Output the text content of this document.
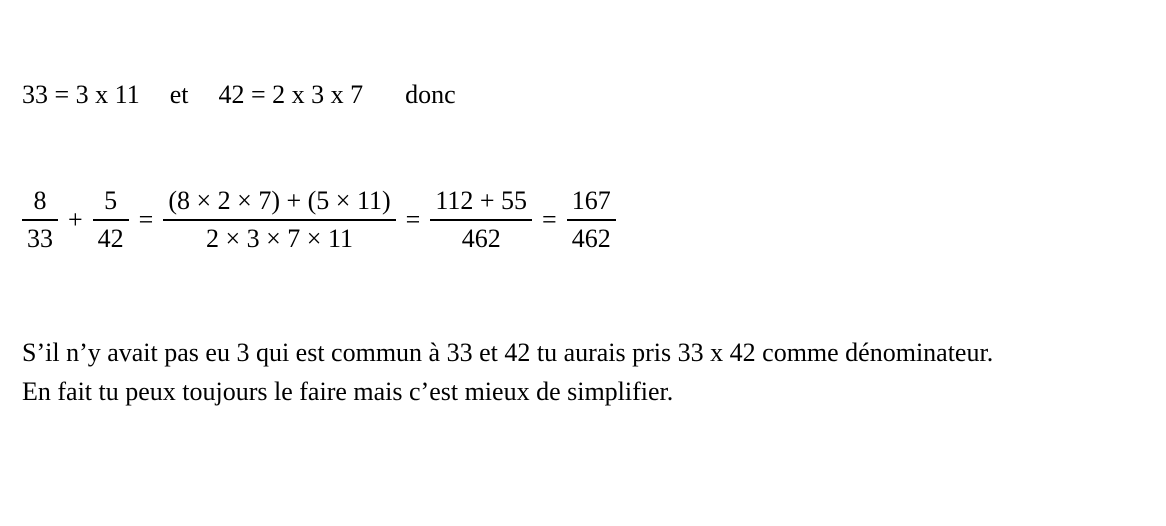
33 = 3 x 11 et 42 = 2 x 3 x 7 donc
$\frac{8}{33} + \frac{5}{42} = \frac{(8 \times 2 \times 7) + (5 \times 11)}{2 \times 3 \times 7 \times 11} = \frac{112 + 55}{462} = \frac{167}{462}$
S’il n’y avait pas eu 3 qui est commun à 33 et 42 tu aurais pris 33 x 42 comme dénominateur.
En fait tu peux toujours le faire mais c’est mieux de simplifier.
